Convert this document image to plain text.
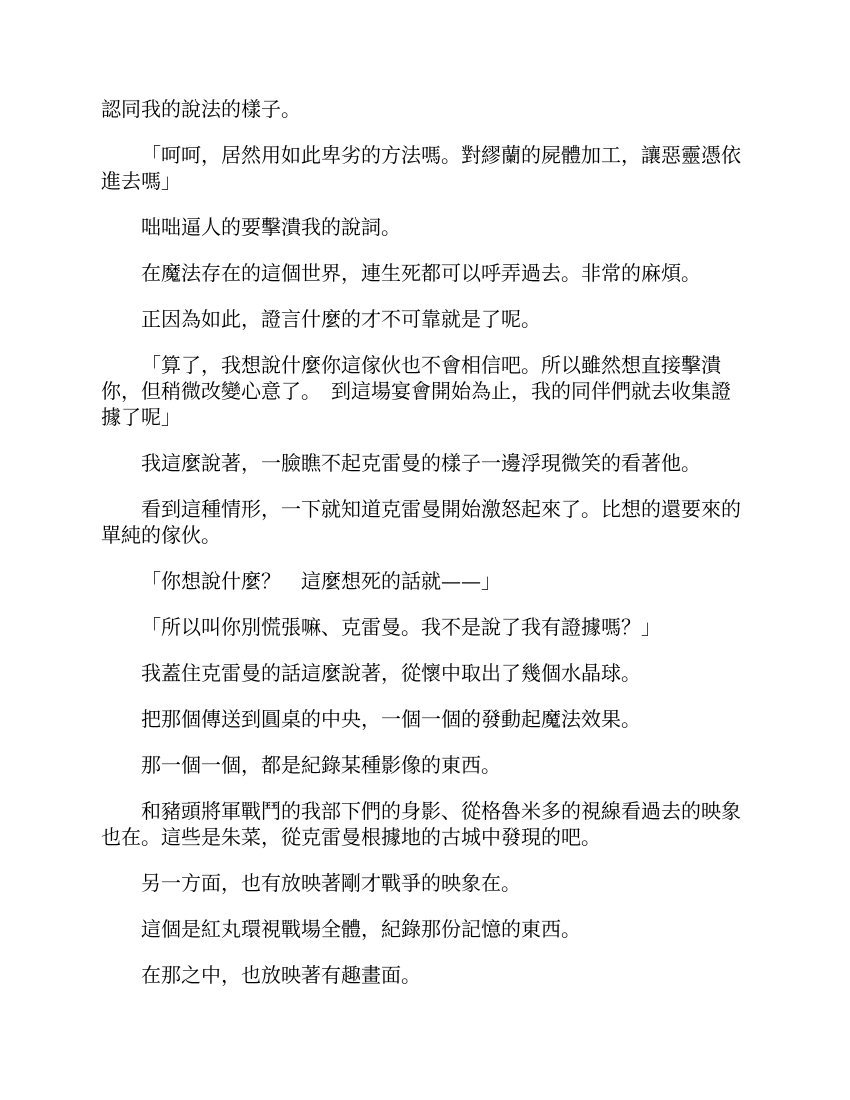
認同我的說法的樣子。

「呵呵，居然用如此卑劣的方法嗎。對繆蘭的屍體加工，讓惡靈憑依進去嗎」

咄咄逼人的要擊潰我的說詞。

在魔法存在的這個世界，連生死都可以呼弄過去。非常的麻煩。

正因為如此，證言什麼的才不可靠就是了呢。

「算了，我想說什麼你這傢伙也不會相信吧。所以雖然想直接擊潰你，但稍微改變心意了。　到這場宴會開始為止，我的同伴們就去收集證據了呢」

我這麼說著，一臉瞧不起克雷曼的樣子一邊浮現微笑的看著他。

看到這種情形，一下就知道克雷曼開始激怒起來了。比想的還要來的單純的傢伙。

「你想說什麼？　這麼想死的話就——」

「所以叫你別慌張嘛、克雷曼。我不是說了我有證據嗎？」

我蓋住克雷曼的話這麼說著，從懷中取出了幾個水晶球。

把那個傳送到圓桌的中央，一個一個的發動起魔法效果。

那一個一個，都是紀錄某種影像的東西。

和豬頭將軍戰鬥的我部下們的身影、從格魯米多的視線看過去的映象也在。這些是朱菜，從克雷曼根據地的古城中發現的吧。

另一方面，也有放映著剛才戰爭的映象在。

這個是紅丸環視戰場全體，紀錄那份記憶的東西。

在那之中，也放映著有趣畫面。
